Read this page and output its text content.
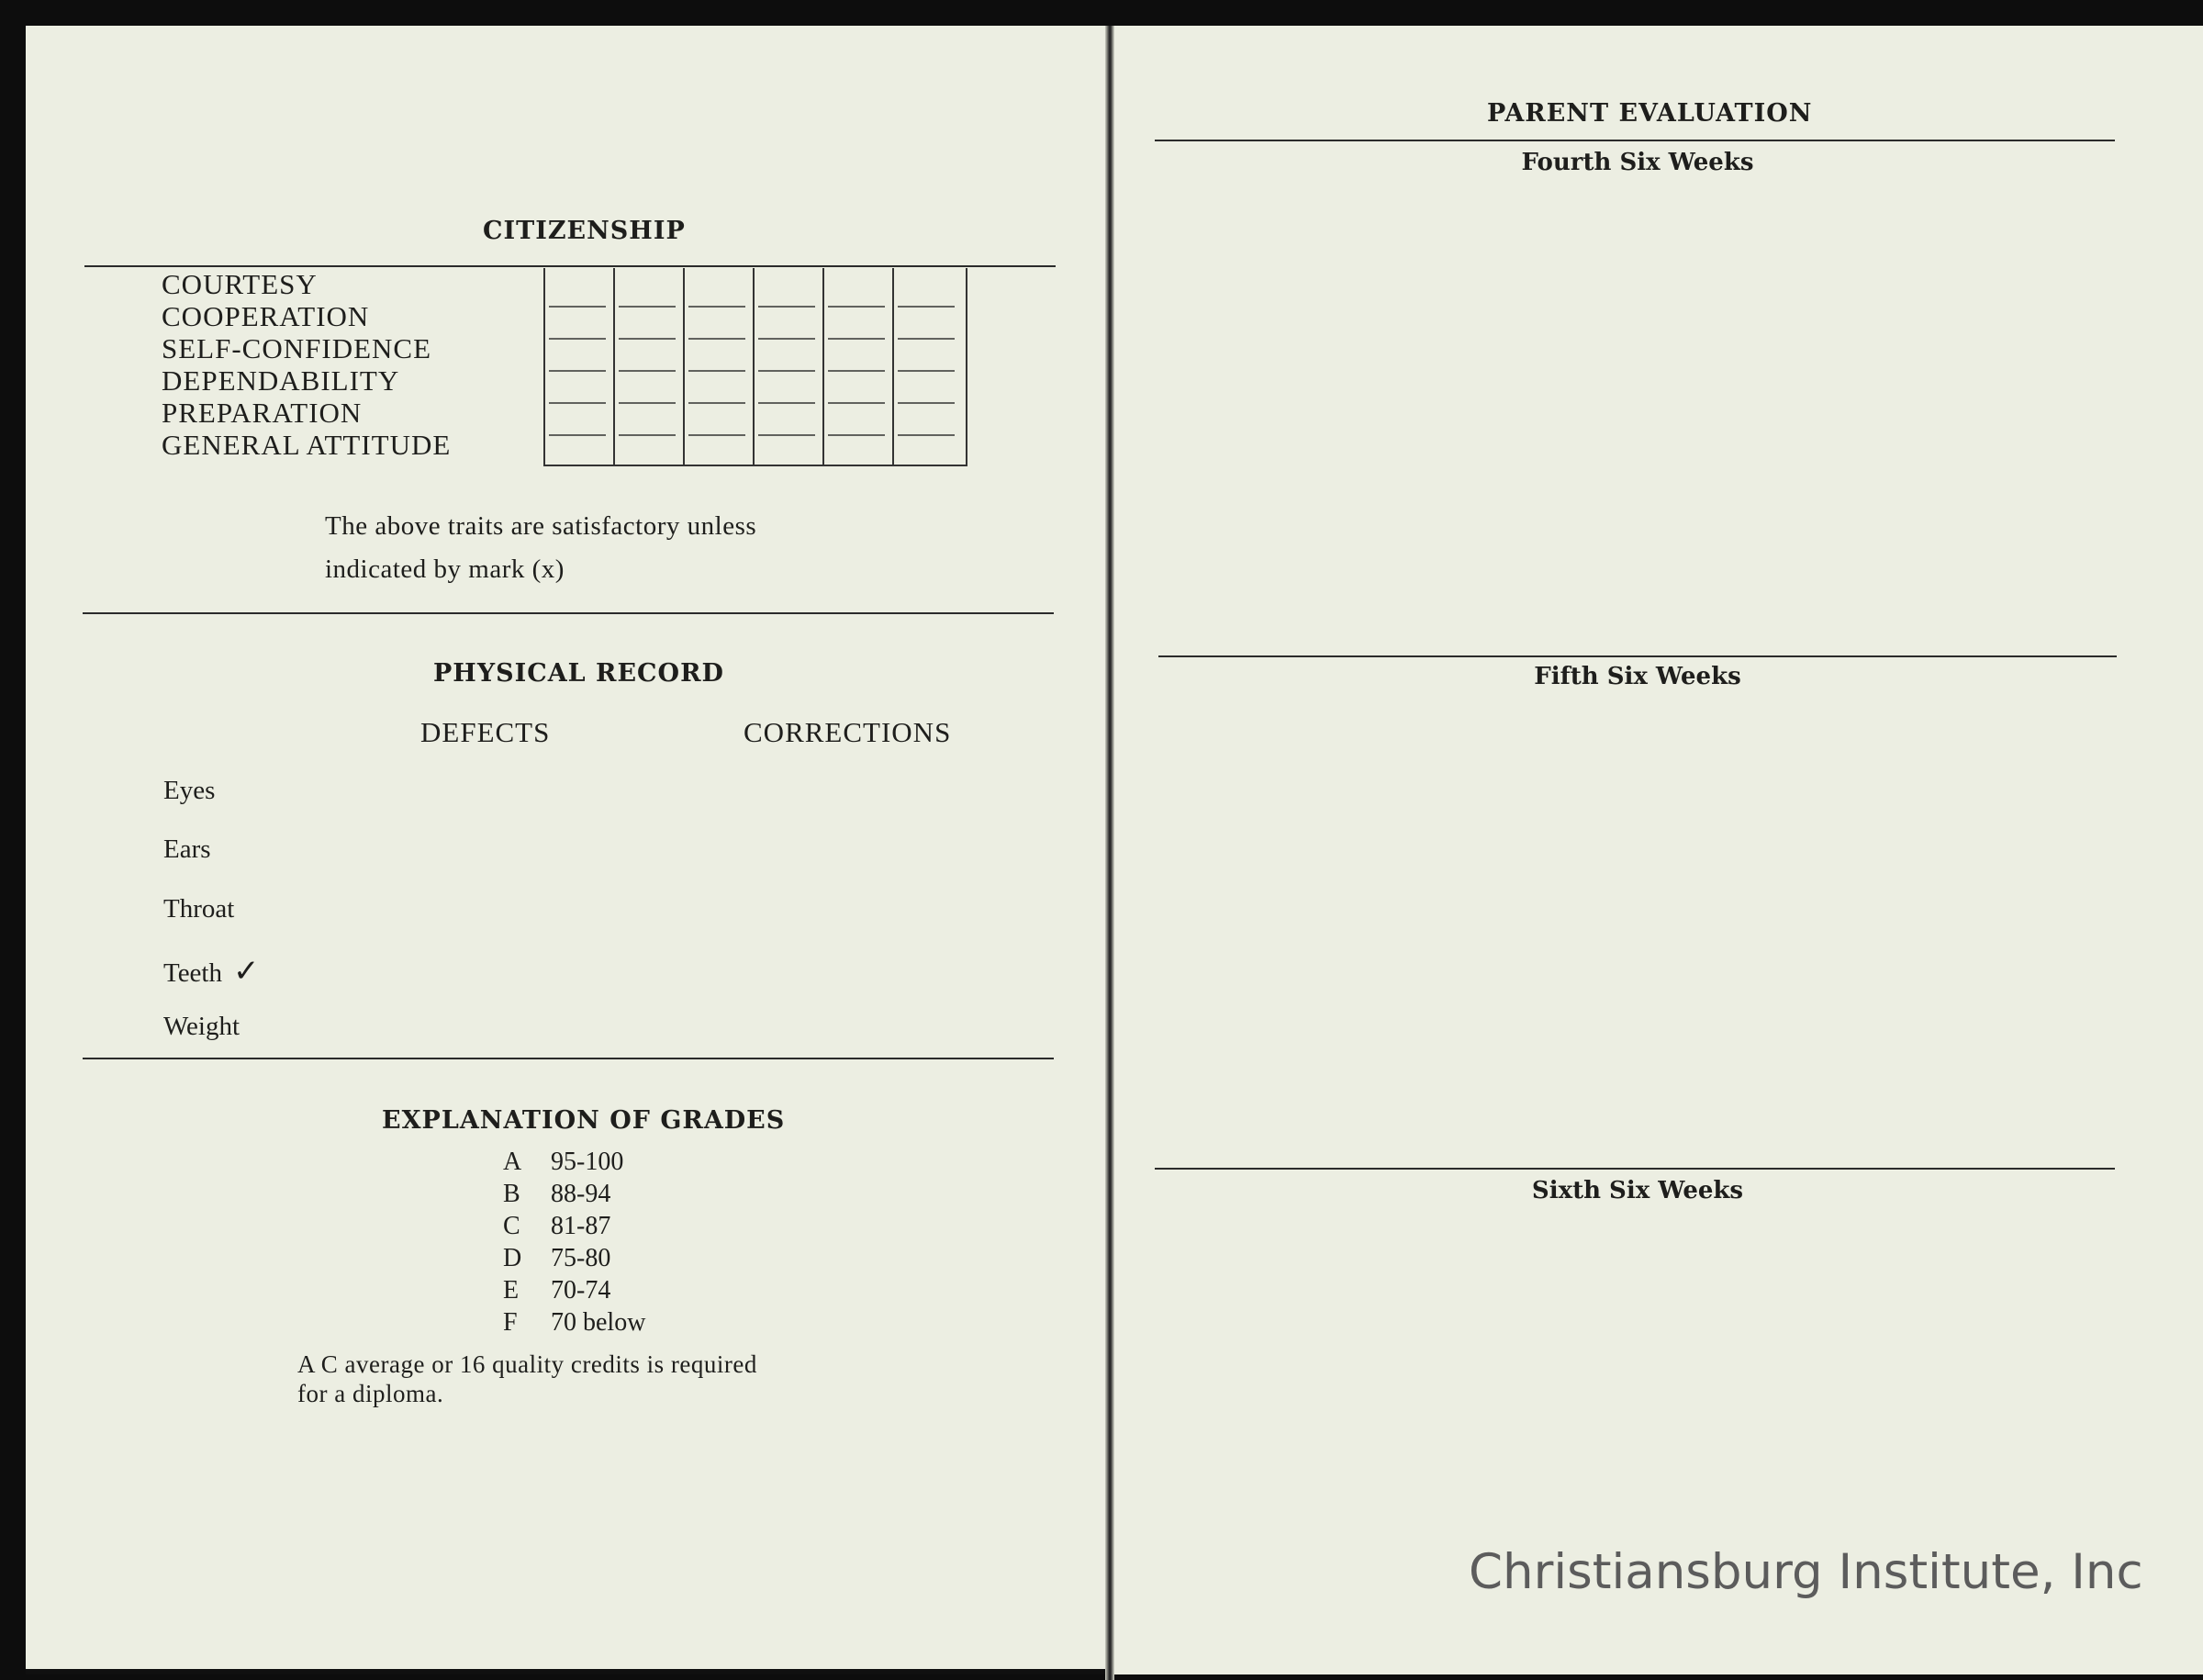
CITIZENSHIP
COURTESY
COOPERATION
SELF-CONFIDENCE
DEPENDABILITY
PREPARATION
GENERAL ATTITUDE
The above traits are satisfactory unless
indicated by mark (x)
PHYSICAL RECORD
DEFECTS	CORRECTIONS
Eyes
Ears
Throat
Teeth ✓
Weight
EXPLANATION OF GRADES
A 95-100
B 88-94
C 81-87
D 75-80
E 70-74
F 70 below
A C average or 16 quality credits is required
for a diploma.
PARENT EVALUATION
Fourth Six Weeks
Fifth Six Weeks
Sixth Six Weeks
Christiansburg Institute, Inc
